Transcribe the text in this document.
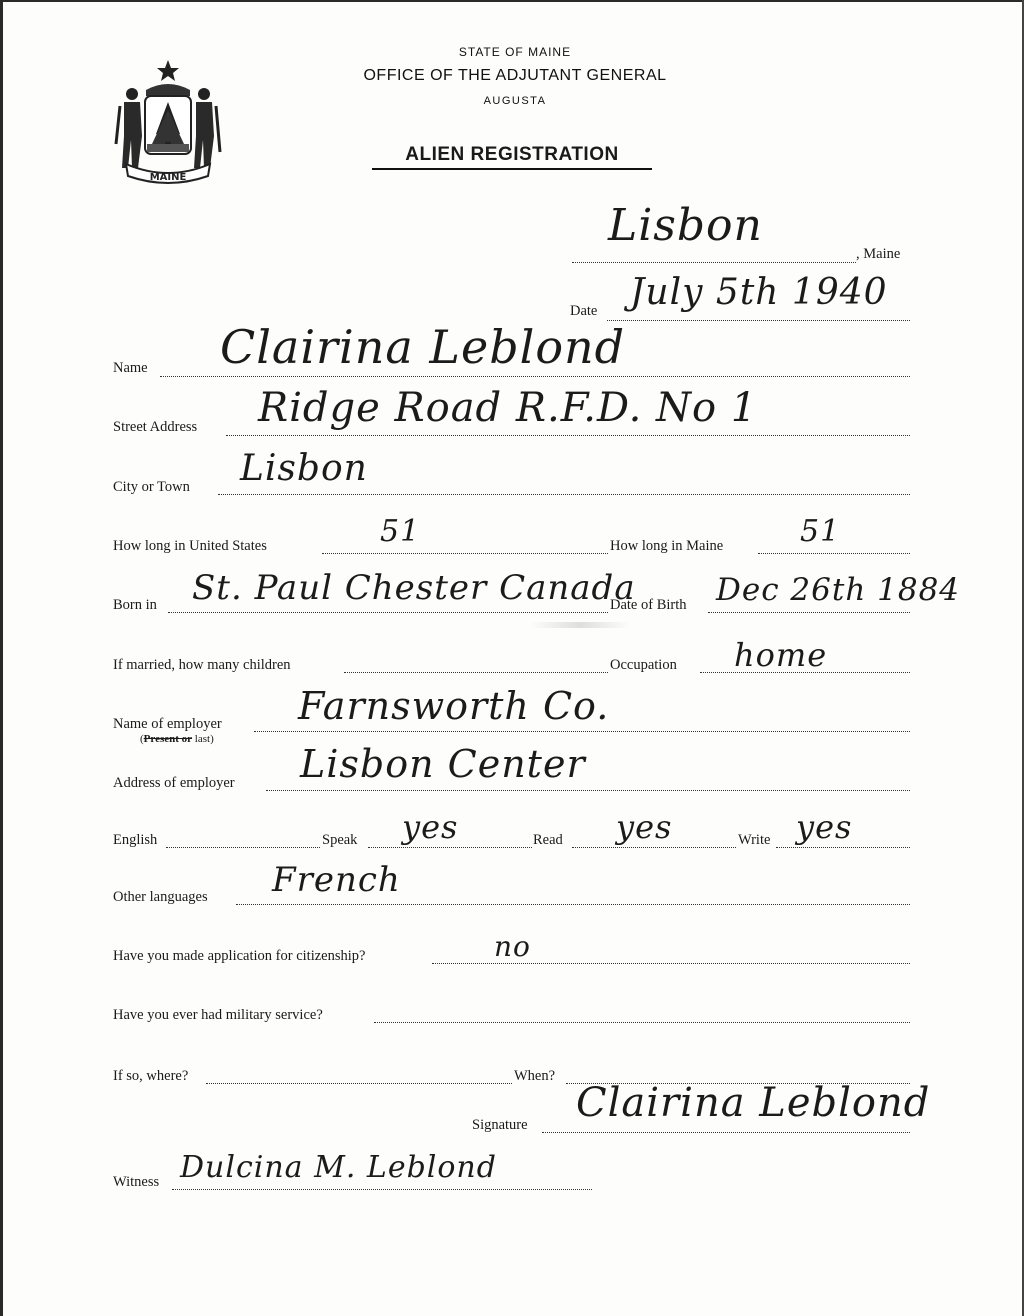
MAINE
STATE OF MAINE
OFFICE OF THE ADJUTANT GENERAL
AUGUSTA
ALIEN REGISTRATION
Lisbon
, Maine
Date July 5th 1940
Name Clairina Leblond
Street Address Ridge Road R.F.D. No 1
City or Town Lisbon
How long in United States	51	How long in Maine	51
Born in St. Paul Chester Canada
Date of Birth Dec 26th 1884
If married, how many children	Occupation home
Name of employer
(Present or last)
Farnsworth Co.
Address of employer Lisbon Center
English	Speak yes	Read yes	Write yes
Other languages French
Have you made application for citizenship?	no
Have you ever had military service?
If so, where?	When?
Signature Clairina Leblond
Witness Dulcina M. Leblond
